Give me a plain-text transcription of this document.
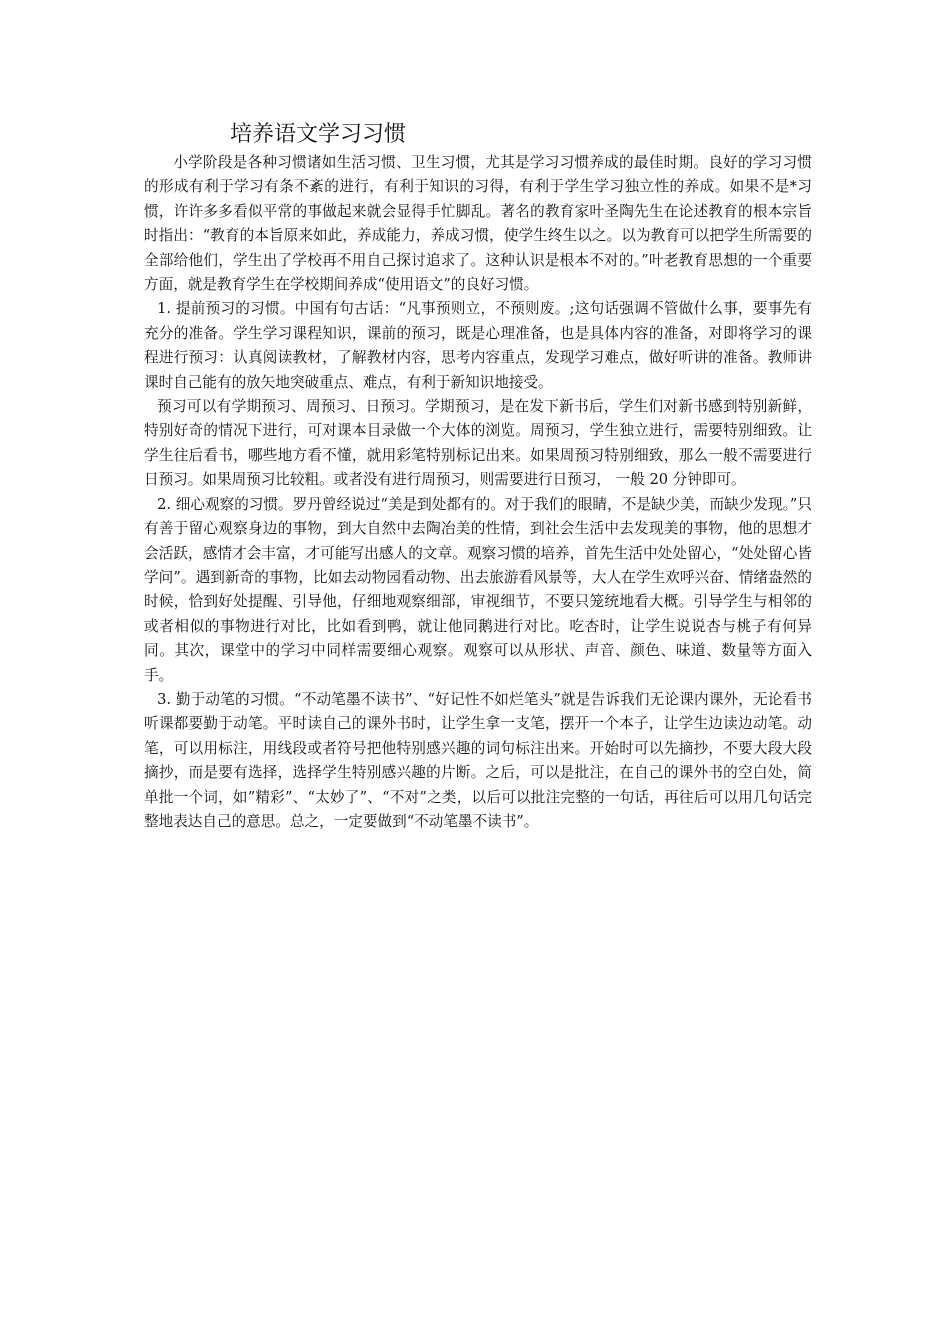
培养语文学习习惯

小学阶段是各种习惯诸如生活习惯、卫生习惯，尤其是学习习惯养成的最佳时期。良好的学习习惯的形成有利于学习有条不紊的进行，有利于知识的习得，有利于学生学习独立性的养成。如果不是*习惯，许许多多看似平常的事做起来就会显得手忙脚乱。著名的教育家叶圣陶先生在论述教育的根本宗旨时指出：“教育的本旨原来如此，养成能力，养成习惯，使学生终生以之。以为教育可以把学生所需要的全部给他们，学生出了学校再不用自己探讨追求了。这种认识是根本不对的。”叶老教育思想的一个重要方面，就是教育学生在学校期间养成“使用语文”的良好习惯。

1. 提前预习的习惯。中国有句古话：“凡事预则立，不预则废。;这句话强调不管做什么事，要事先有充分的准备。学生学习课程知识，课前的预习，既是心理准备，也是具体内容的准备，对即将学习的课程进行预习：认真阅读教材，了解教材内容，思考内容重点，发现学习难点，做好听讲的准备。教师讲课时自己能有的放矢地突破重点、难点，有利于新知识地接受。

预习可以有学期预习、周预习、日预习。学期预习，是在发下新书后，学生们对新书感到特别新鲜，特别好奇的情况下进行，可对课本目录做一个大体的浏览。周预习，学生独立进行，需要特别细致。让学生往后看书，哪些地方看不懂，就用彩笔特别标记出来。如果周预习特别细致，那么一般不需要进行日预习。如果周预习比较粗。或者没有进行周预习，则需要进行日预习， 一般 20 分钟即可。

2. 细心观察的习惯。罗丹曾经说过“美是到处都有的。对于我们的眼睛，不是缺少美，而缺少发现。”只有善于留心观察身边的事物，到大自然中去陶冶美的性情，到社会生活中去发现美的事物，他的思想才会活跃，感情才会丰富，才可能写出感人的文章。观察习惯的培养，首先生活中处处留心，“处处留心皆学问”。遇到新奇的事物，比如去动物园看动物、出去旅游看风景等，大人在学生欢呼兴奋、情绪盎然的时候，恰到好处提醒、引导他，仔细地观察细部，审视细节，不要只笼统地看大概。引导学生与相邻的或者相似的事物进行对比，比如看到鸭，就让他同鹅进行对比。吃杏时，让学生说说杏与桃子有何异同。其次，课堂中的学习中同样需要细心观察。观察可以从形状、声音、颜色、味道、数量等方面入手。

3. 勤于动笔的习惯。“不动笔墨不读书”、“好记性不如烂笔头”就是告诉我们无论课内课外，无论看书听课都要勤于动笔。平时读自己的课外书时，让学生拿一支笔，摆开一个本子，让学生边读边动笔。动笔，可以用标注，用线段或者符号把他特别感兴趣的词句标注出来。开始时可以先摘抄，不要大段大段摘抄，而是要有选择，选择学生特别感兴趣的片断。之后，可以是批注，在自己的课外书的空白处，简单批一个词，如”精彩”、“太妙了”、“不对”之类，以后可以批注完整的一句话，再往后可以用几句话完整地表达自己的意思。总之，一定要做到“不动笔墨不读书”。
